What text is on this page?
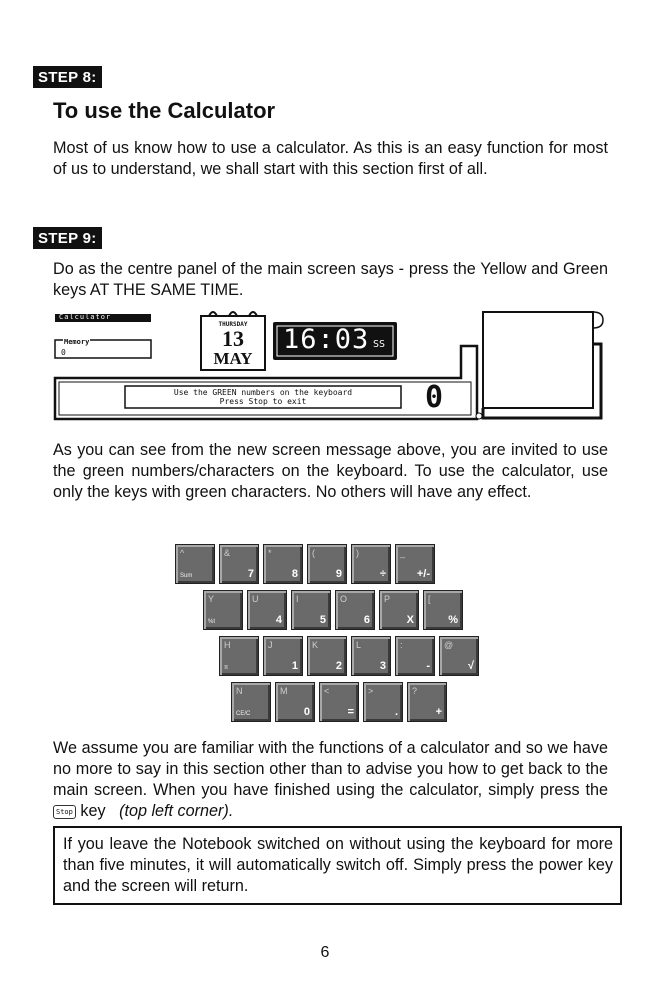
STEP 8:
To use the Calculator

Most of us know how to use a calculator. As this is an easy function for most of us to understand, we shall start with this section first of all.

STEP 9:

Do as the centre panel of the main screen says - press the Yellow and Green keys AT THE SAME TIME.

Calculator
Memory
0
THURSDAY
13
MAY
16:03 SS
Use the GREEN numbers on the keyboard
Press Stop to exit	0

As you can see from the new screen message above, you are invited to use the green numbers/characters on the keyboard. To use the calculator, use only the keys with green characters. No others will have any effect.

^
Sum
&
7
*
8
(
9
)
÷
_
+/-
Y
%t
U
4
I
5
O
6
P
X
[
%
H
π
J
1
K
2
L
3
:
-
@
√
N
CE/C
M
0
<
=
>
.
?
+

We assume you are familiar with the functions of a calculator and so we have no more to say in this section other than to advise you how to get back to the main screen. When you have finished using the calculator, simply press the Stop key (top left corner).

If you leave the Notebook switched on without using the keyboard for more than five minutes, it will automatically switch off. Simply press the power key and the screen will return.
6
